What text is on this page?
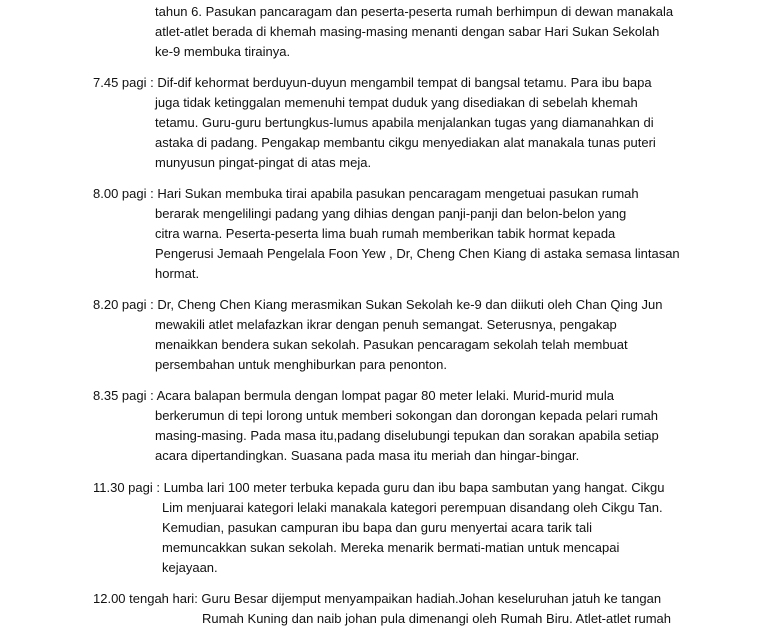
tahun 6. Pasukan pancaragam dan peserta-peserta rumah berhimpun di dewan manakala
atlet-atlet berada di khemah masing-masing menanti dengan sabar Hari Sukan Sekolah
ke-9 membuka tirainya.
7.45 pagi : Dif-dif kehormat berduyun-duyun mengambil tempat di bangsal tetamu. Para ibu bapa
juga tidak ketinggalan memenuhi tempat duduk yang disediakan di sebelah khemah
tetamu. Guru-guru bertungkus-lumus apabila menjalankan tugas yang diamanahkan di
astaka di padang. Pengakap membantu cikgu menyediakan alat manakala tunas puteri
munyusun pingat-pingat di atas meja.
8.00 pagi : Hari Sukan membuka tirai apabila pasukan pencaragam mengetuai pasukan rumah
berarak mengelilingi padang yang dihias dengan panji-panji dan belon-belon yang
citra warna. Peserta-peserta lima buah rumah memberikan tabik hormat kepada
Pengerusi Jemaah Pengelala Foon Yew , Dr, Cheng Chen Kiang di astaka semasa lintasan
hormat.
8.20 pagi : Dr, Cheng Chen Kiang merasmikan Sukan Sekolah ke-9 dan diikuti oleh Chan Qing Jun
mewakili atlet melafazkan ikrar dengan penuh semangat. Seterusnya, pengakap
menaikkan bendera sukan sekolah. Pasukan pencaragam sekolah telah membuat
persembahan untuk menghiburkan para penonton.
8.35 pagi : Acara balapan bermula dengan lompat pagar 80 meter lelaki. Murid-murid mula
berkerumun di tepi lorong untuk memberi sokongan dan dorongan kepada pelari rumah
masing-masing. Pada masa itu,padang diselubungi tepukan dan sorakan apabila setiap
acara dipertandingkan. Suasana pada masa itu meriah dan hingar-bingar.
11.30 pagi : Lumba lari 100 meter terbuka kepada guru dan ibu bapa sambutan yang hangat. Cikgu
Lim menjuarai kategori lelaki manakala kategori perempuan disandang oleh Cikgu Tan.
Kemudian, pasukan campuran ibu bapa dan guru menyertai acara tarik tali
memuncakkan sukan sekolah. Mereka menarik bermati-matian untuk mencapai
kejayaan.
12.00 tengah hari: Guru Besar dijemput menyampaikan hadiah.Johan keseluruhan jatuh ke tangan
Rumah Kuning dan naib johan pula dimenangi oleh Rumah Biru. Atlet-atlet rumah
